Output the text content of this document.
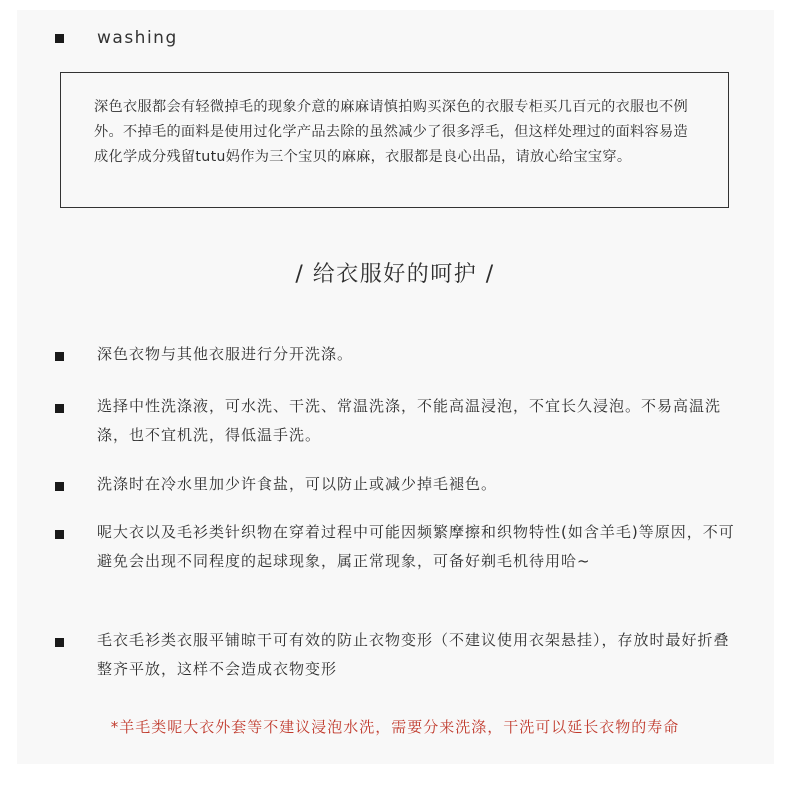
washing
深色衣服都会有轻微掉毛的现象介意的麻麻请慎拍购买深色的衣服专柜买几百元的衣服也不例外。不掉毛的面料是使用过化学产品去除的虽然减少了很多浮毛，但这样处理过的面料容易造成化学成分残留tutu妈作为三个宝贝的麻麻，衣服都是良心出品，请放心给宝宝穿。
/ 给衣服好的呵护 /
深色衣物与其他衣服进行分开洗涤。
选择中性洗涤液，可水洗、干洗、常温洗涤，不能高温浸泡，不宜长久浸泡。不易高温洗涤，也不宜机洗，得低温手洗。
洗涤时在冷水里加少许食盐，可以防止或减少掉毛褪色。
呢大衣以及毛衫类针织物在穿着过程中可能因频繁摩擦和织物特性(如含羊毛)等原因，不可避免会出现不同程度的起球现象，属正常现象，可备好剃毛机待用哈~
毛衣毛衫类衣服平铺晾干可有效的防止衣物变形（不建议使用衣架悬挂），存放时最好折叠整齐平放，这样不会造成衣物变形
*羊毛类呢大衣外套等不建议浸泡水洗，需要分来洗涤，干洗可以延长衣物的寿命
